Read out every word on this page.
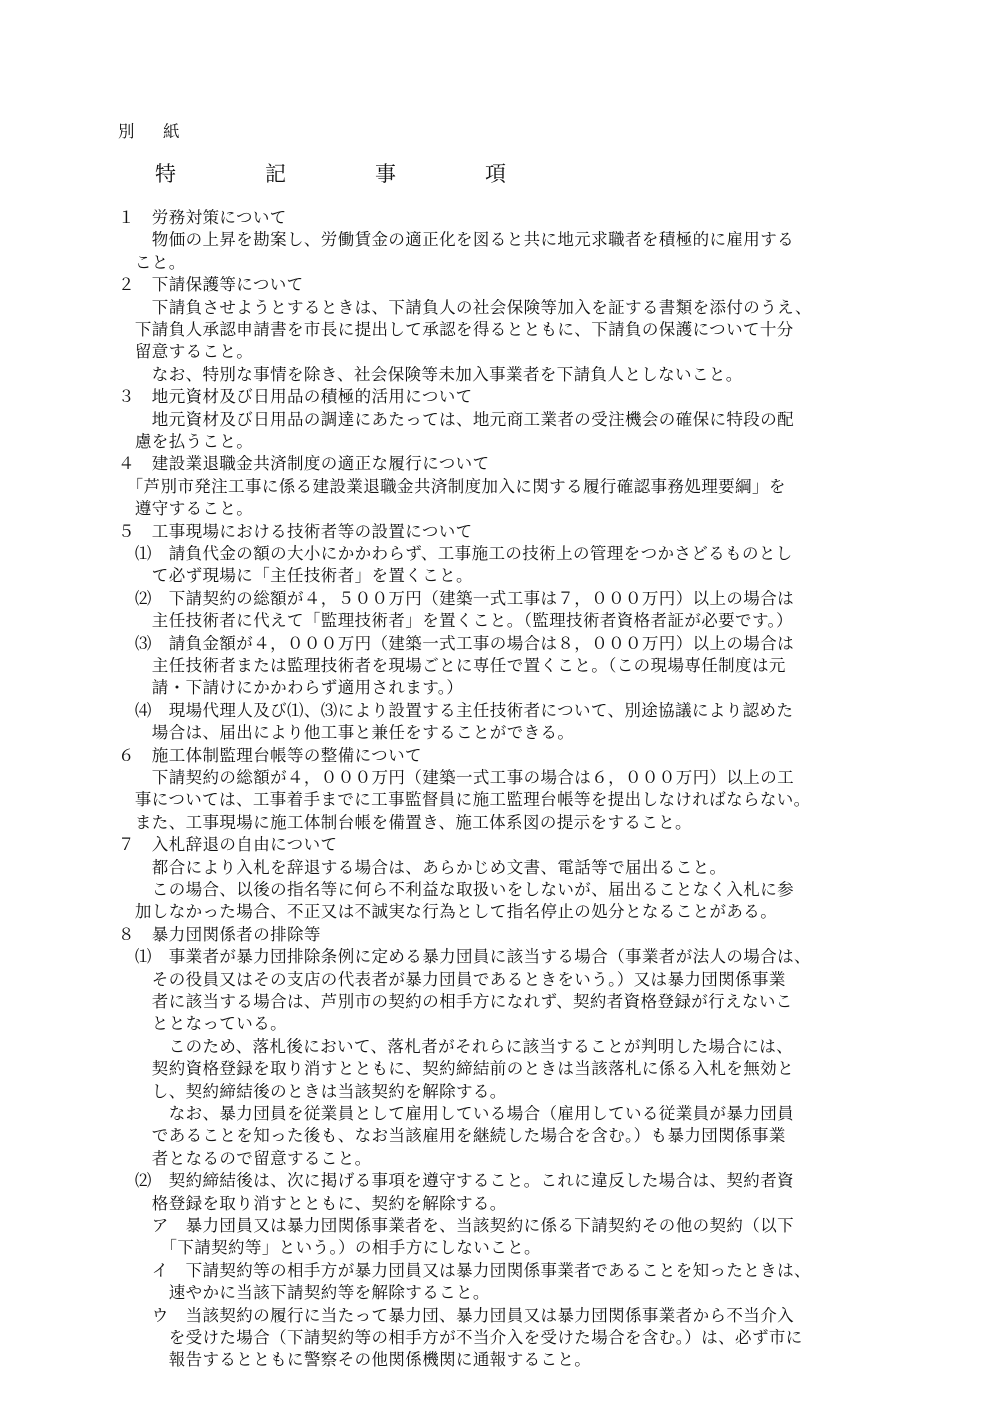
別　紙
特　記　事　項
１　労務対策について
　　物価の上昇を勘案し、労働賃金の適正化を図ると共に地元求職者を積極的に雇用する
　こと。
２　下請保護等について
　　下請負させようとするときは、下請負人の社会保険等加入を証する書類を添付のうえ、
　下請負人承認申請書を市長に提出して承認を得るとともに、下請負の保護について十分
　留意すること。
　　なお、特別な事情を除き、社会保険等未加入事業者を下請負人としないこと。
３　地元資材及び日用品の積極的活用について
　　地元資材及び日用品の調達にあたっては、地元商工業者の受注機会の確保に特段の配
　慮を払うこと。
４　建設業退職金共済制度の適正な履行について
　「芦別市発注工事に係る建設業退職金共済制度加入に関する履行確認事務処理要綱」を
　遵守すること。
５　工事現場における技術者等の設置について
　⑴　請負代金の額の大小にかかわらず、工事施工の技術上の管理をつかさどるものとし
　　て必ず現場に「主任技術者」を置くこと。
　⑵　下請契約の総額が４，５００万円（建築一式工事は７，０００万円）以上の場合は
　　主任技術者に代えて「監理技術者」を置くこと。（監理技術者資格者証が必要です。）
　⑶　請負金額が４，０００万円（建築一式工事の場合は８，０００万円）以上の場合は
　　主任技術者または監理技術者を現場ごとに専任で置くこと。（この現場専任制度は元
　　請・下請けにかかわらず適用されます。）
　⑷　現場代理人及び⑴、⑶により設置する主任技術者について、別途協議により認めた
　　場合は、届出により他工事と兼任をすることができる。
６　施工体制監理台帳等の整備について
　　下請契約の総額が４，０００万円（建築一式工事の場合は６，０００万円）以上の工
　事については、工事着手までに工事監督員に施工監理台帳等を提出しなければならない。
　また、工事現場に施工体制台帳を備置き、施工体系図の提示をすること。
７　入札辞退の自由について
　　都合により入札を辞退する場合は、あらかじめ文書、電話等で届出ること。
　　この場合、以後の指名等に何ら不利益な取扱いをしないが、届出ることなく入札に参
　加しなかった場合、不正又は不誠実な行為として指名停止の処分となることがある。
８　暴力団関係者の排除等
　⑴　事業者が暴力団排除条例に定める暴力団員に該当する場合（事業者が法人の場合は、
　　その役員又はその支店の代表者が暴力団員であるときをいう。）又は暴力団関係事業
　　者に該当する場合は、芦別市の契約の相手方になれず、契約者資格登録が行えないこ
　　ととなっている。
　　　このため、落札後において、落札者がそれらに該当することが判明した場合には、
　　契約資格登録を取り消すとともに、契約締結前のときは当該落札に係る入札を無効と
　　し、契約締結後のときは当該契約を解除する。
　　　なお、暴力団員を従業員として雇用している場合（雇用している従業員が暴力団員
　　であることを知った後も、なお当該雇用を継続した場合を含む。）も暴力団関係事業
　　者となるので留意すること。
　⑵　契約締結後は、次に掲げる事項を遵守すること。これに違反した場合は、契約者資
　　格登録を取り消すとともに、契約を解除する。
　　ア　暴力団員又は暴力団関係事業者を、当該契約に係る下請契約その他の契約（以下
　　　「下請契約等」という。）の相手方にしないこと。
　　イ　下請契約等の相手方が暴力団員又は暴力団関係事業者であることを知ったときは、
　　　速やかに当該下請契約等を解除すること。
　　ウ　当該契約の履行に当たって暴力団、暴力団員又は暴力団関係事業者から不当介入
　　　を受けた場合（下請契約等の相手方が不当介入を受けた場合を含む。）は、必ず市に
　　　報告するとともに警察その他関係機関に通報すること。
